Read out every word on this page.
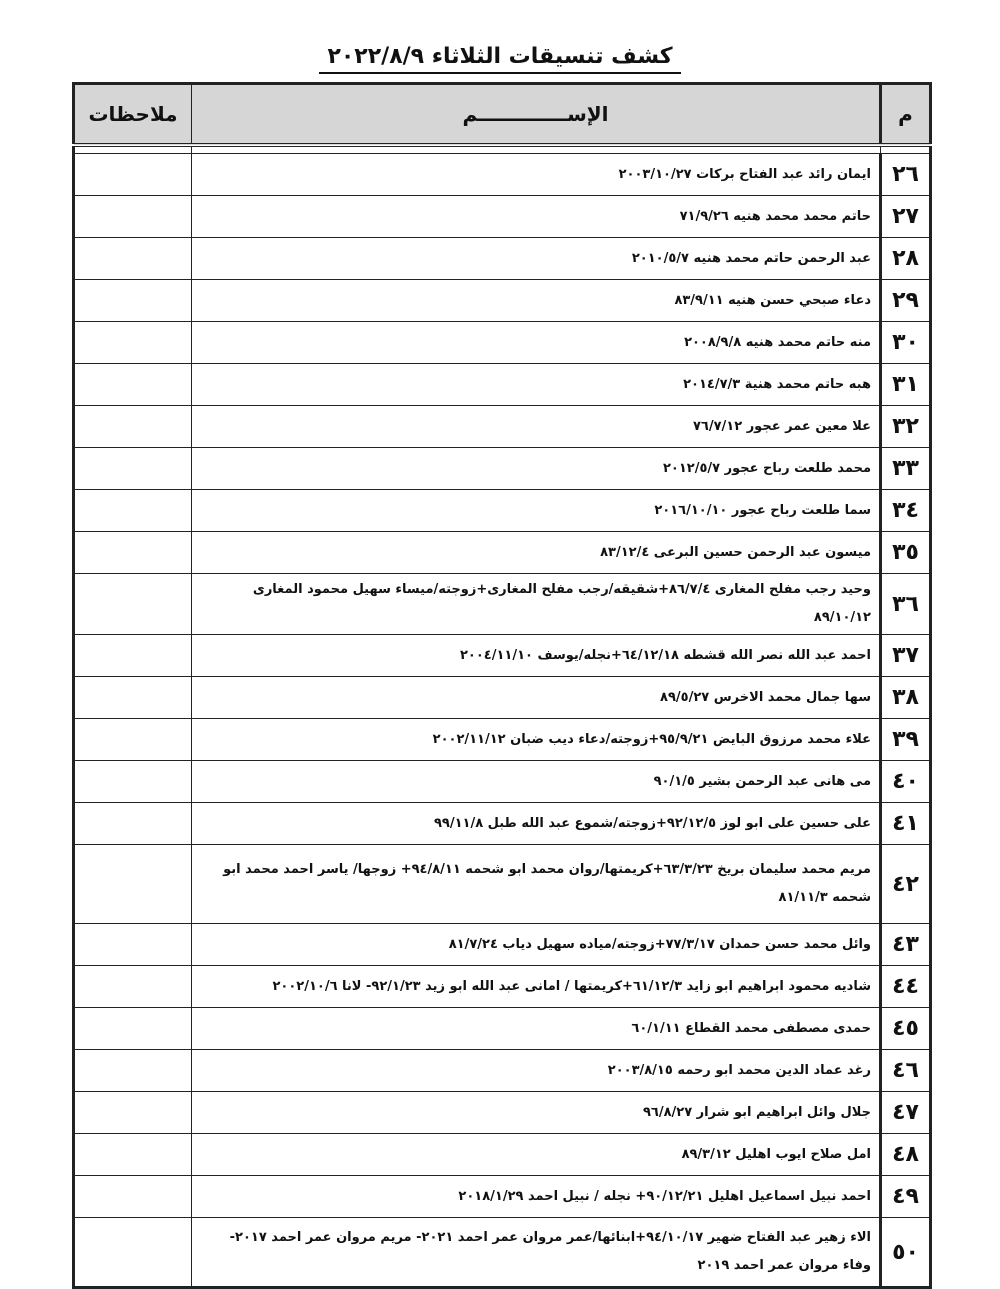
كشف تنسيقات الثلاثاء ٢٠٢٢/٨/٩
م	الإســـــــــــــم	ملاحظات

٢٦	ايمان رائد عبد الفتاح بركات ٢٠٠٣/١٠/٢٧	
٢٧	حاتم محمد محمد هنيه ٧١/٩/٢٦	
٢٨	عبد الرحمن حاتم محمد هنيه ٢٠١٠/٥/٧	
٢٩	دعاء صبحي حسن هنيه ٨٣/٩/١١	
٣٠	منه حاتم محمد هنيه ٢٠٠٨/٩/٨	
٣١	هبه حاتم محمد هنية ٢٠١٤/٧/٣	
٣٢	علا معين عمر عجور ٧٦/٧/١٢	
٣٣	محمد طلعت رباح عجور ٢٠١٢/٥/٧	
٣٤	سما طلعت رباح عجور ٢٠١٦/١٠/١٠	
٣٥	ميسون عبد الرحمن حسين البرعى ٨٣/١٢/٤	
٣٦	وحيد رجب مفلح المغارى ٨٦/٧/٤+شقيقه/رجب مفلح المغارى+زوجته/ميساء سهيل محمود المغارى ٨٩/١٠/١٢	
٣٧	احمد عبد الله نصر الله قشطه ٦٤/١٢/١٨+نجله/يوسف ٢٠٠٤/١١/١٠	
٣٨	سها جمال محمد الاخرس ٨٩/٥/٢٧	
٣٩	علاء محمد مرزوق البايض ٩٥/٩/٢١+زوجته/دعاء ديب ضبان ٢٠٠٢/١١/١٢	
٤٠	مى هانى عبد الرحمن بشير ٩٠/١/٥	
٤١	على حسين على ابو لوز ٩٢/١٢/٥+زوجته/شموع عبد الله طبل ٩٩/١١/٨	
٤٢	مريم محمد سليمان بريخ ٦٣/٣/٢٣+كريمتها/روان محمد ابو شحمه ٩٤/٨/١١+ زوجها/ ياسر احمد محمد ابو شحمه ٨١/١١/٣	
٤٣	وائل محمد حسن حمدان ٧٧/٣/١٧+زوجته/مياده سهيل دياب ٨١/٧/٢٤	
٤٤	شاديه محمود ابراهيم ابو زايد ٦١/١٢/٣+كريمتها / امانى عبد الله ابو زيد ٩٢/١/٢٣- لانا ٢٠٠٢/١٠/٦	
٤٥	حمدى مصطفى محمد القطاع ٦٠/١/١١	
٤٦	رغد عماد الدين محمد ابو رحمه ٢٠٠٣/٨/١٥	
٤٧	جلال وائل ابراهيم ابو شرار ٩٦/٨/٢٧	
٤٨	امل صلاح ايوب اهليل ٨٩/٣/١٢	
٤٩	احمد نبيل اسماعيل اهليل ٩٠/١٢/٢١+ نجله / نبيل احمد ٢٠١٨/١/٢٩	
٥٠	الاء زهير عبد الفتاح ضهير ٩٤/١٠/١٧+ابنائها/عمر مروان عمر احمد ٢٠٢١- مريم مروان عمر احمد ٢٠١٧- وفاء مروان عمر احمد ٢٠١٩	
